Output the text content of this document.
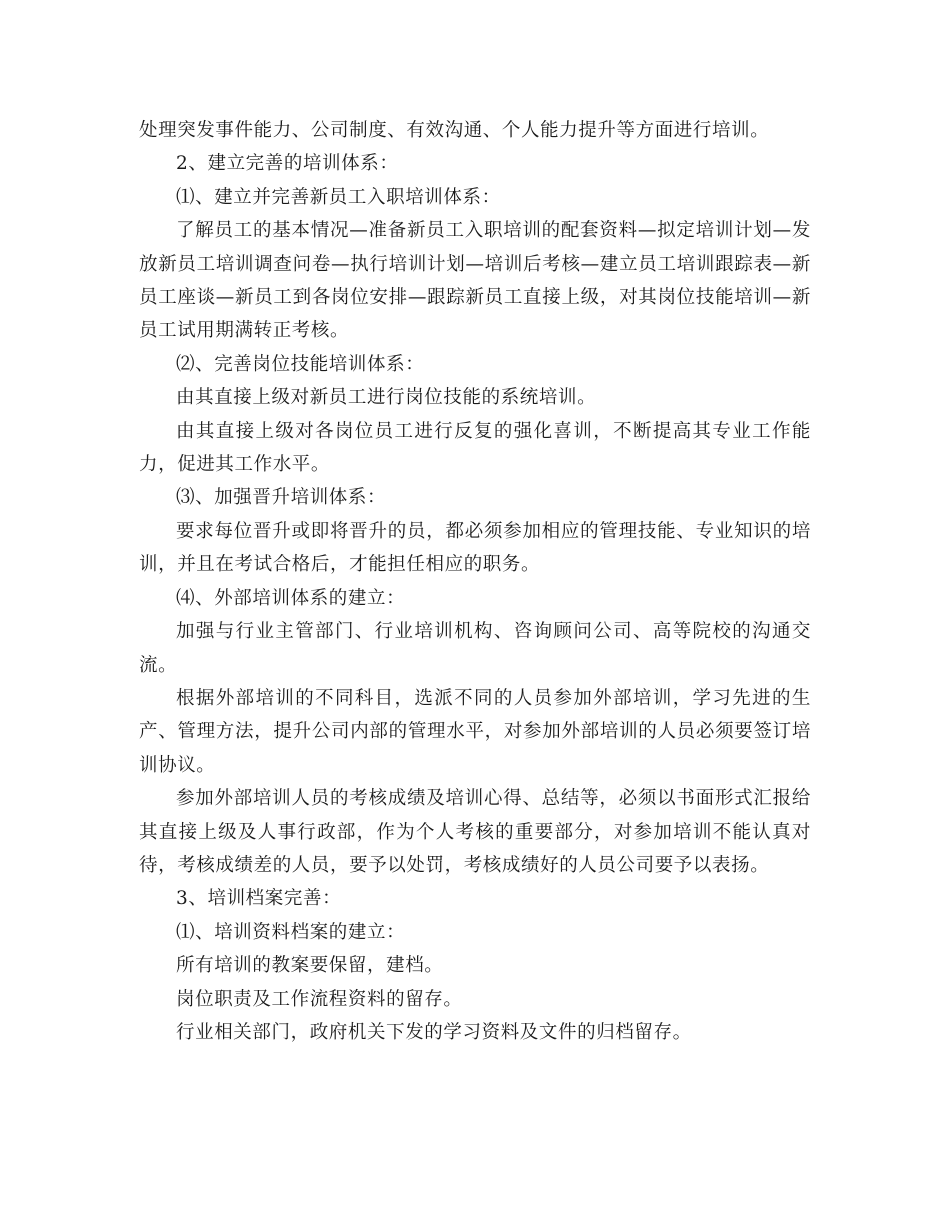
处理突发事件能力、公司制度、有效沟通、个人能力提升等方面进行培训。

2、建立完善的培训体系：

⑴、建立并完善新员工入职培训体系：

了解员工的基本情况—准备新员工入职培训的配套资料—拟定培训计划—发放新员工培训调查问卷—执行培训计划—培训后考核—建立员工培训跟踪表—新员工座谈—新员工到各岗位安排—跟踪新员工直接上级，对其岗位技能培训—新员工试用期满转正考核。

⑵、完善岗位技能培训体系：

由其直接上级对新员工进行岗位技能的系统培训。

由其直接上级对各岗位员工进行反复的强化喜训，不断提高其专业工作能力，促进其工作水平。

⑶、加强晋升培训体系：

要求每位晋升或即将晋升的员，都必须参加相应的管理技能、专业知识的培训，并且在考试合格后，才能担任相应的职务。

⑷、外部培训体系的建立：

加强与行业主管部门、行业培训机构、咨询顾问公司、高等院校的沟通交流。

根据外部培训的不同科目，选派不同的人员参加外部培训，学习先进的生产、管理方法，提升公司内部的管理水平，对参加外部培训的人员必须要签订培训协议。

参加外部培训人员的考核成绩及培训心得、总结等，必须以书面形式汇报给其直接上级及人事行政部，作为个人考核的重要部分，对参加培训不能认真对待，考核成绩差的人员，要予以处罚，考核成绩好的人员公司要予以表扬。

3、培训档案完善：

⑴、培训资料档案的建立：

所有培训的教案要保留，建档。

岗位职责及工作流程资料的留存。

行业相关部门，政府机关下发的学习资料及文件的归档留存。
